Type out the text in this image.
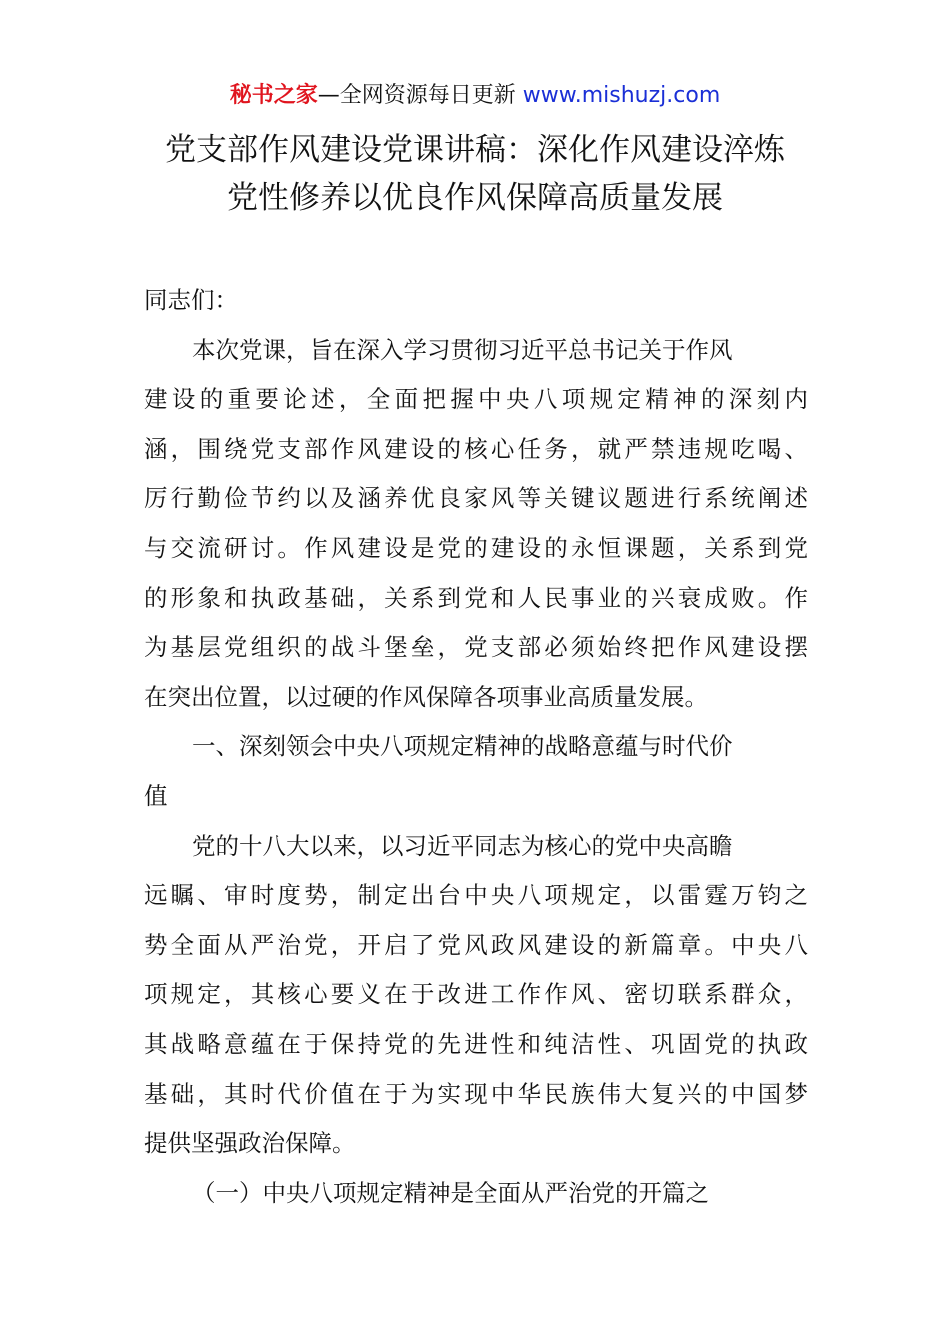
秘书之家—全网资源每日更新 www.mishuzj.com
党支部作风建设党课讲稿：深化作风建设淬炼
党性修养以优良作风保障高质量发展
同志们：
本次党课，旨在深入学习贯彻习近平总书记关于作风
建设的重要论述，全面把握中央八项规定精神的深刻内
涵，围绕党支部作风建设的核心任务，就严禁违规吃喝、
厉行勤俭节约以及涵养优良家风等关键议题进行系统阐述
与交流研讨。作风建设是党的建设的永恒课题，关系到党
的形象和执政基础，关系到党和人民事业的兴衰成败。作
为基层党组织的战斗堡垒，党支部必须始终把作风建设摆
在突出位置，以过硬的作风保障各项事业高质量发展。
一、深刻领会中央八项规定精神的战略意蕴与时代价
值
党的十八大以来，以习近平同志为核心的党中央高瞻
远瞩、审时度势，制定出台中央八项规定，以雷霆万钧之
势全面从严治党，开启了党风政风建设的新篇章。中央八
项规定，其核心要义在于改进工作作风、密切联系群众，
其战略意蕴在于保持党的先进性和纯洁性、巩固党的执政
基础，其时代价值在于为实现中华民族伟大复兴的中国梦
提供坚强政治保障。
（一）中央八项规定精神是全面从严治党的开篇之
